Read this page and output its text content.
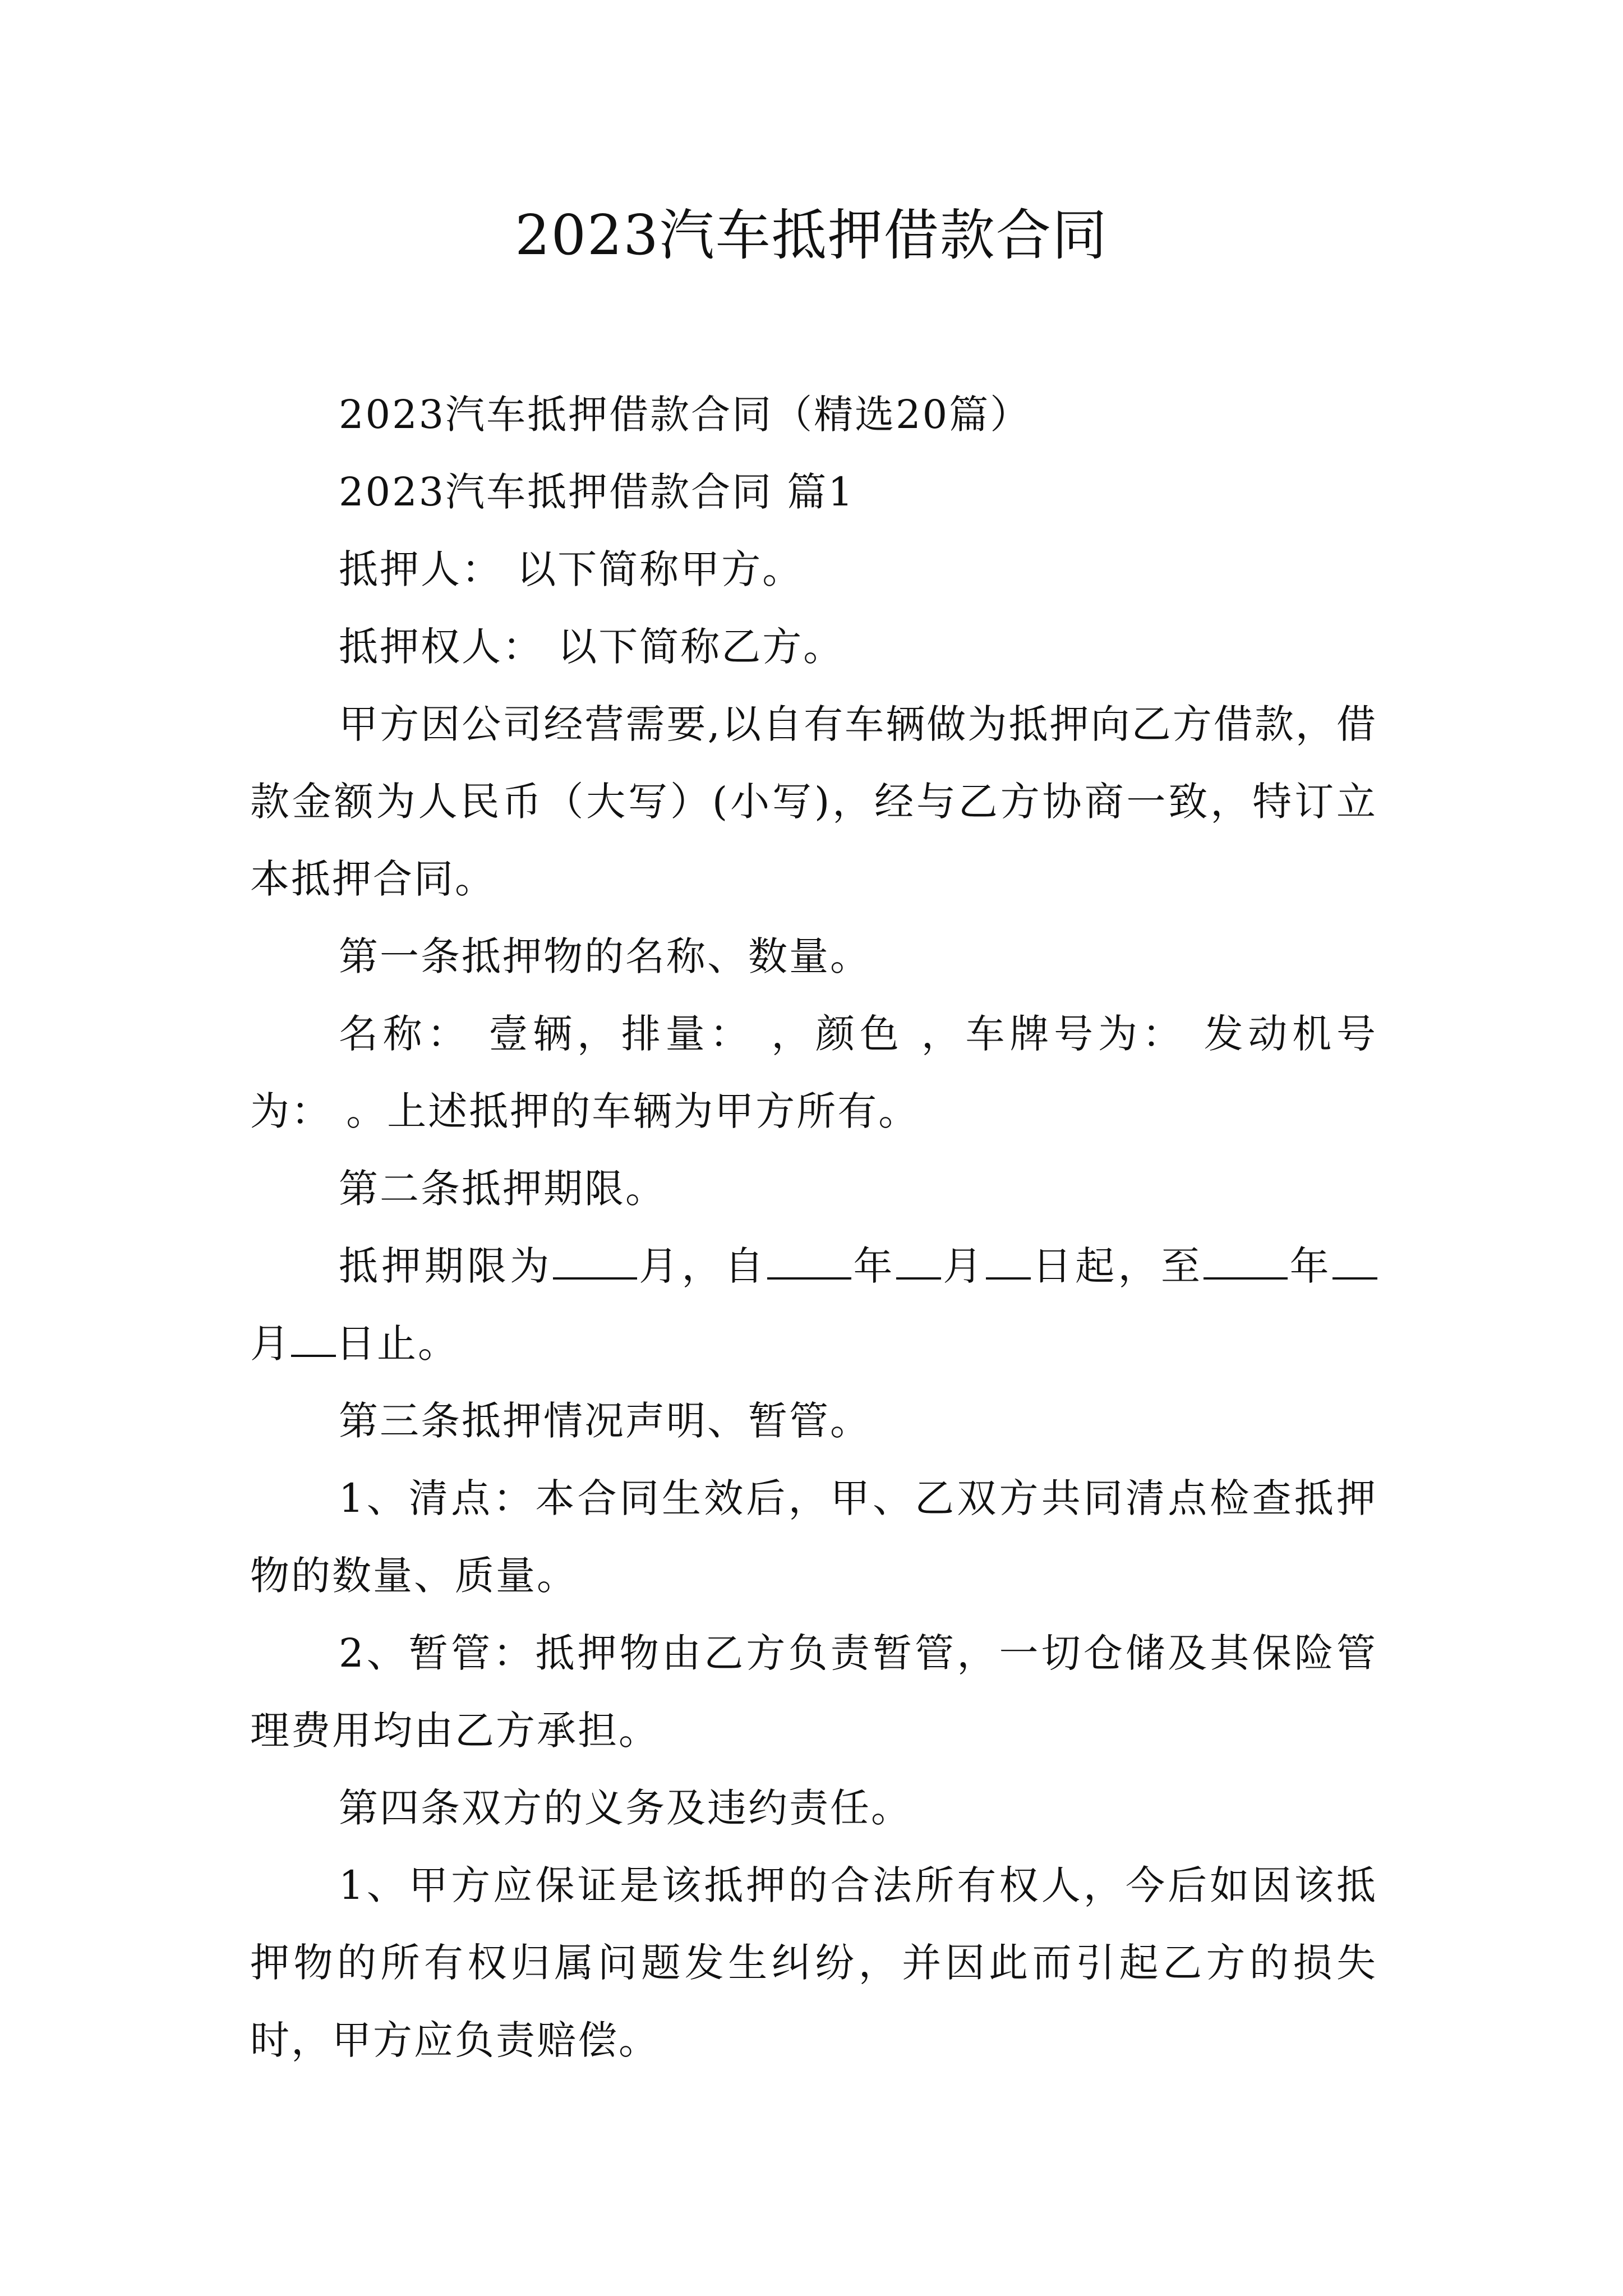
2023汽车抵押借款合同

2023汽车抵押借款合同（精选20篇）

2023汽车抵押借款合同 篇1

抵押人： 以下简称甲方。

抵押权人： 以下简称乙方。

甲方因公司经营需要,以自有车辆做为抵押向乙方借款，借款金额为人民币（大写）(小写)，经与乙方协商一致，特订立本抵押合同。

第一条抵押物的名称、数量。

名称： 壹辆，排量： ，颜色 ，车牌号为： 发动机号为： 。上述抵押的车辆为甲方所有。

第二条抵押期限。

抵押期限为 月，自 年 月 日起，至 年月 日止。

第三条抵押情况声明、暂管。

1、清点：本合同生效后，甲、乙双方共同清点检查抵押物的数量、质量。

2、暂管：抵押物由乙方负责暂管，一切仓储及其保险管理费用均由乙方承担。

第四条双方的义务及违约责任。

1、甲方应保证是该抵押的合法所有权人，今后如因该抵押物的所有权归属问题发生纠纷，并因此而引起乙方的损失时，甲方应负责赔偿。
